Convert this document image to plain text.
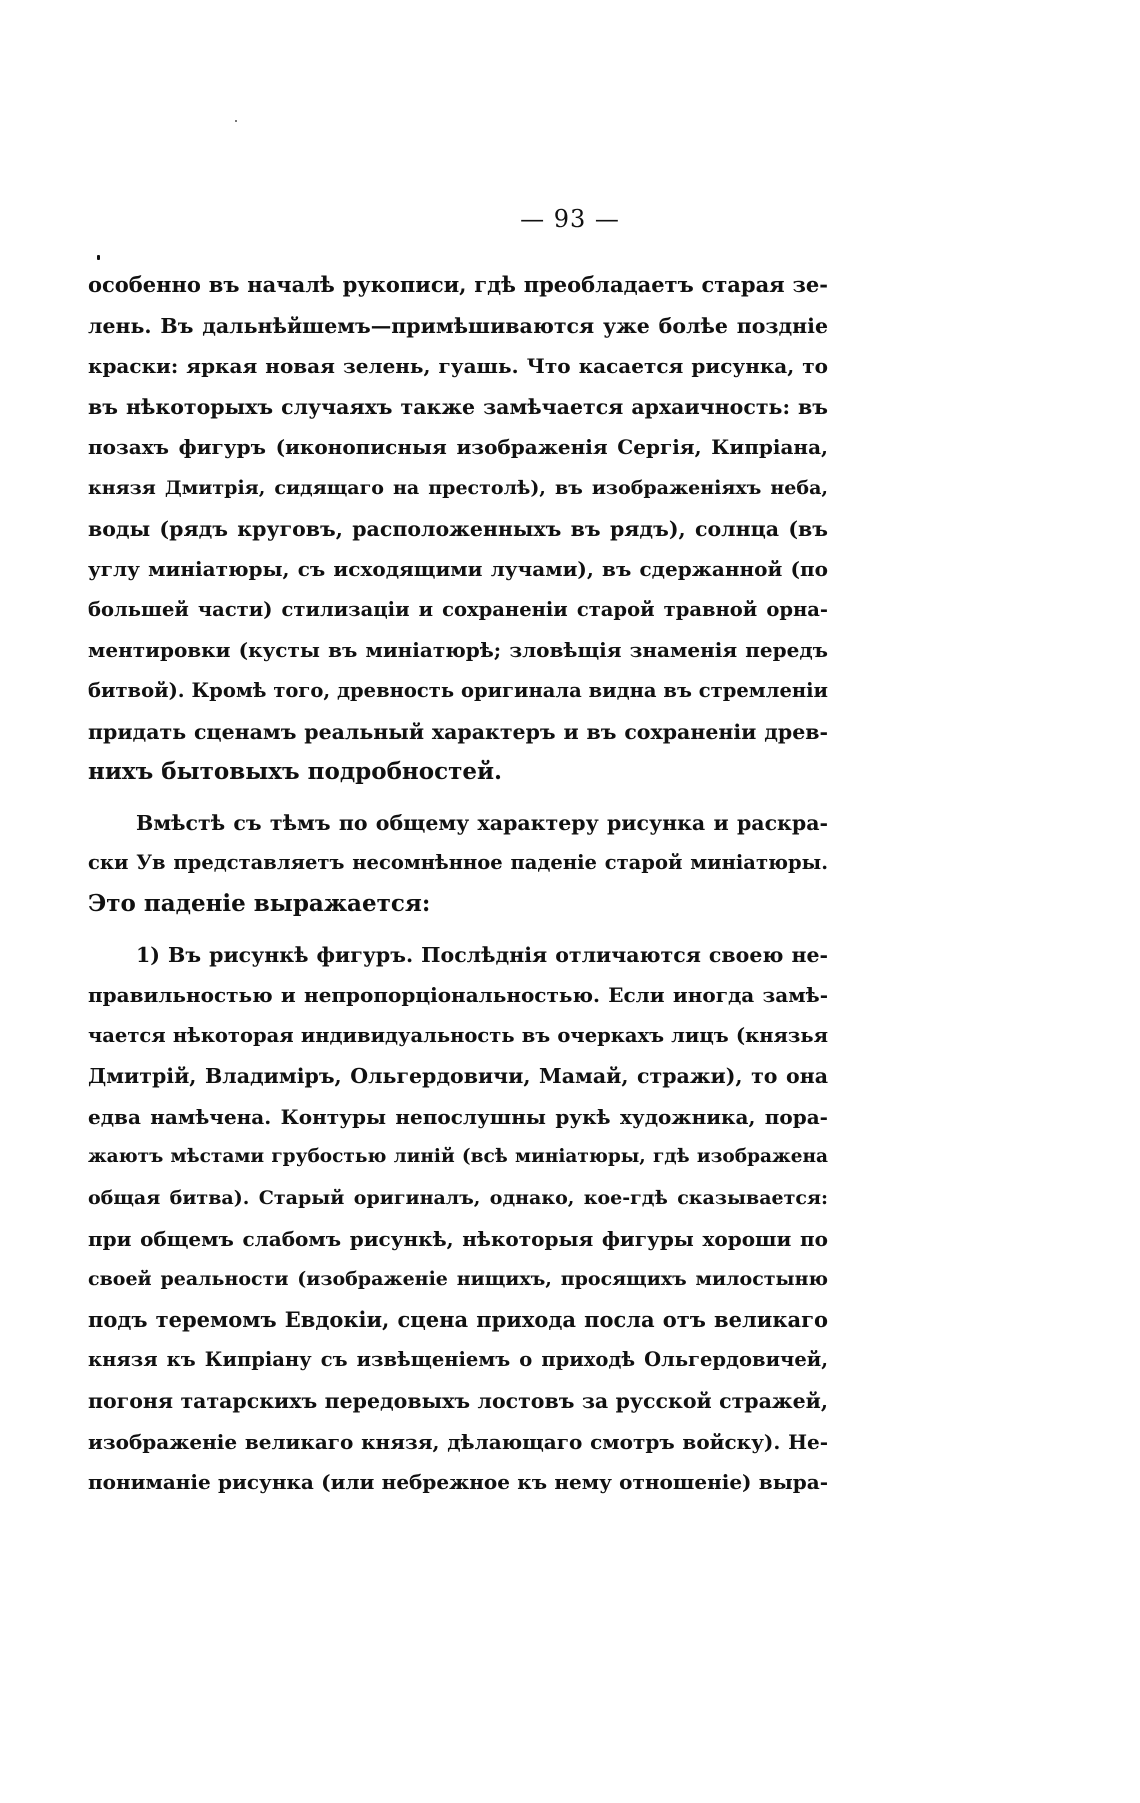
— 93 —
особенно въ началѣ рукописи, гдѣ преобладаетъ старая зе-
лень. Въ дальнѣйшемъ—примѣшиваются уже болѣе поздніе
краски: яркая новая зелень, гуашь. Что касается рисунка, то
въ нѣкоторыхъ случаяхъ также замѣчается архаичность: въ
позахъ фигуръ (иконописныя изображенія Сергія, Кипріана,
князя Дмитрія, сидящаго на престолѣ), въ изображеніяхъ неба,
воды (рядъ круговъ, расположенныхъ въ рядъ), солнца (въ
углу миніатюры, съ исходящими лучами), въ сдержанной (по
большей части) стилизаціи и сохраненіи старой травной орна-
ментировки (кусты въ миніатюрѣ; зловѣщія знаменія передъ
битвой). Кромѣ того, древность оригинала видна въ стремленіи
придать сценамъ реальный характеръ и въ сохраненіи древ-
нихъ бытовыхъ подробностей.
Вмѣстѣ съ тѣмъ по общему характеру рисунка и раскра-
ски Ув представляетъ несомнѣнное паденіе старой миніатюры.
Это паденіе выражается:
1) Въ рисункѣ фигуръ. Послѣднія отличаются своею не-
правильностью и непропорціональностью. Если иногда замѣ-
чается нѣкоторая индивидуальность въ очеркахъ лицъ (князья
Дмитрій, Владиміръ, Ольгердовичи, Мамай, стражи), то она
едва намѣчена. Контуры непослушны рукѣ художника, пора-
жаютъ мѣстами грубостью линій (всѣ миніатюры, гдѣ изображена
общая битва). Старый оригиналъ, однако, кое-гдѣ сказывается:
при общемъ слабомъ рисункѣ, нѣкоторыя фигуры хороши по
своей реальности (изображеніе нищихъ, просящихъ милостыню
подъ теремомъ Евдокіи, сцена прихода посла отъ великаго
князя къ Кипріану съ извѣщеніемъ о приходѣ Ольгердовичей,
погоня татарскихъ передовыхъ лостовъ за русской стражей,
изображеніе великаго князя, дѣлающаго смотръ войску). Не-
пониманіе рисунка (или небрежное къ нему отношеніе) выра-
